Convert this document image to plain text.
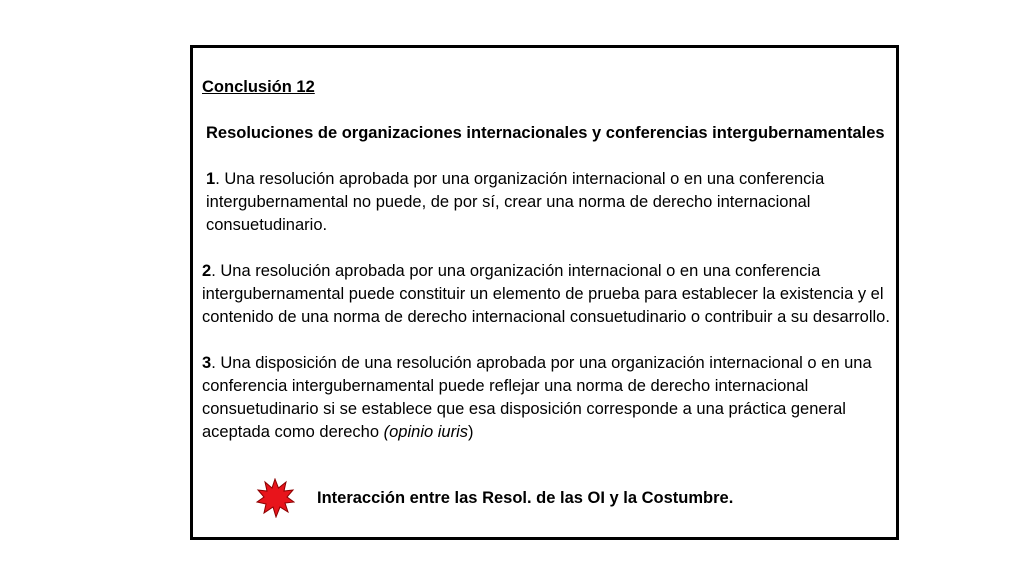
Conclusión 12

Resoluciones de organizaciones internacionales y conferencias intergubernamentales

1. Una resolución aprobada por una organización internacional o en una conferencia intergubernamental no puede, de por sí, crear una norma de derecho internacional consuetudinario.

2. Una resolución aprobada por una organización internacional o en una conferencia intergubernamental puede constituir un elemento de prueba para establecer la existencia y el contenido de una norma de derecho internacional consuetudinario o contribuir a su desarrollo.

3. Una disposición de una resolución aprobada por una organización internacional o en una conferencia intergubernamental puede reflejar una norma de derecho internacional consuetudinario si se establece que esa disposición corresponde a una práctica general aceptada como derecho (opinio iuris)

Interacción entre las Resol. de las OI y la Costumbre.
